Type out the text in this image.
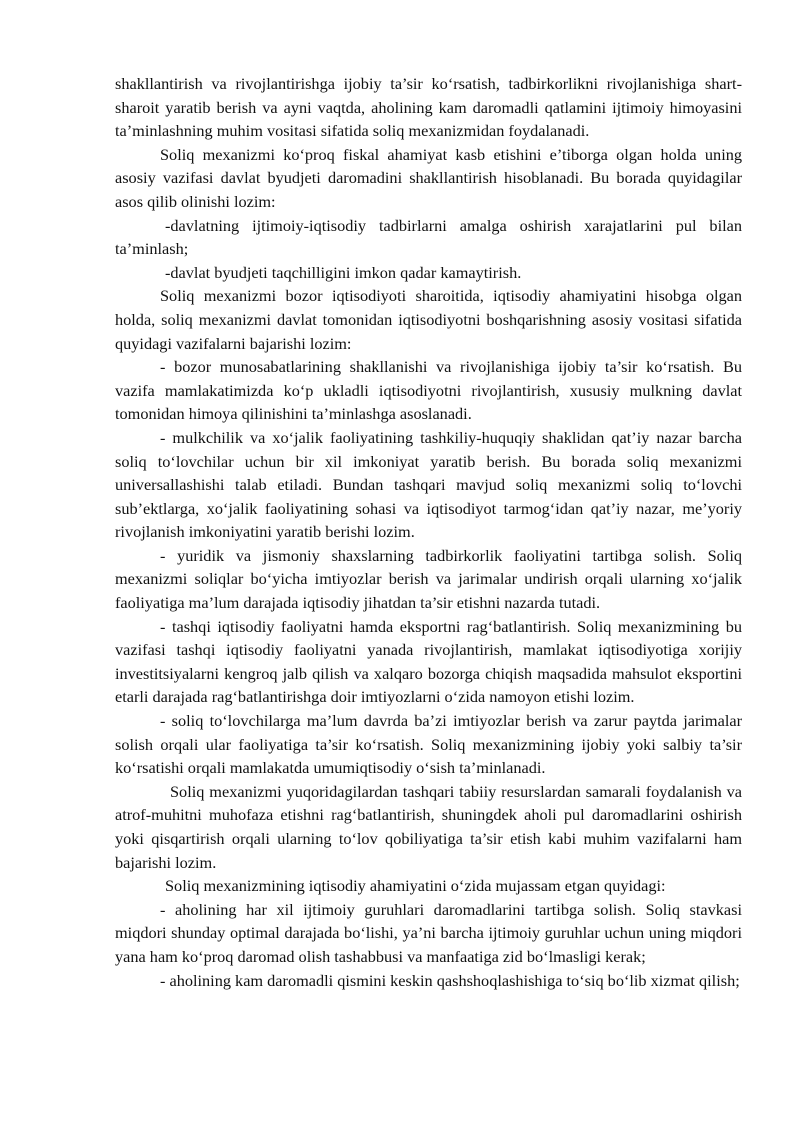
shakllantirish va rivojlantirishga ijobiy ta’sir ko‘rsatish, tadbirkorlikni rivojlanishiga shart-sharoit yaratib berish va ayni vaqtda, aholining kam daromadli qatlamini ijtimoiy himoyasini ta’minlashning muhim vositasi sifatida soliq mexanizmidan foydalanadi.

Soliq mexanizmi ko‘proq fiskal ahamiyat kasb etishini e’tiborga olgan holda uning asosiy vazifasi davlat byudjeti daromadini shakllantirish hisoblanadi. Bu borada quyidagilar asos qilib olinishi lozim:

-davlatning ijtimoiy-iqtisodiy tadbirlarni amalga oshirish xarajatlarini pul bilan ta’minlash;

-davlat byudjeti taqchilligini imkon qadar kamaytirish.

Soliq mexanizmi bozor iqtisodiyoti sharoitida, iqtisodiy ahamiyatini hisobga olgan holda, soliq mexanizmi davlat tomonidan iqtisodiyotni boshqarishning asosiy vositasi sifatida quyidagi vazifalarni bajarishi lozim:

- bozor munosabatlarining shakllanishi va rivojlanishiga ijobiy ta’sir ko‘rsatish. Bu vazifa mamlakatimizda ko‘p ukladli iqtisodiyotni rivojlantirish, xususiy mulkning davlat tomonidan himoya qilinishini ta’minlashga asoslanadi.

- mulkchilik va xo‘jalik faoliyatining tashkiliy-huquqiy shaklidan qat’iy nazar barcha soliq to‘lovchilar uchun bir xil imkoniyat yaratib berish. Bu borada soliq mexanizmi universallashishi talab etiladi. Bundan tashqari mavjud soliq mexanizmi soliq to‘lovchi sub’ektlarga, xo‘jalik faoliyatining sohasi va iqtisodiyot tarmog‘idan qat’iy nazar, me’yoriy rivojlanish imkoniyatini yaratib berishi lozim.

- yuridik va jismoniy shaxslarning tadbirkorlik faoliyatini tartibga solish. Soliq mexanizmi soliqlar bo‘yicha imtiyozlar berish va jarimalar undirish orqali ularning xo‘jalik faoliyatiga ma’lum darajada iqtisodiy jihatdan ta’sir etishni nazarda tutadi.

- tashqi iqtisodiy faoliyatni hamda eksportni rag‘batlantirish. Soliq mexanizmining bu vazifasi tashqi iqtisodiy faoliyatni yanada rivojlantirish, mamlakat iqtisodiyotiga xorijiy investitsiyalarni kengroq jalb qilish va xalqaro bozorga chiqish maqsadida mahsulot eksportini etarli darajada rag‘batlantirishga doir imtiyozlarni o‘zida namoyon etishi lozim.

- soliq to‘lovchilarga ma’lum davrda ba’zi imtiyozlar berish va zarur paytda jarimalar solish orqali ular faoliyatiga ta’sir ko‘rsatish. Soliq mexanizmining ijobiy yoki salbiy ta’sir ko‘rsatishi orqali mamlakatda umumiqtisodiy o‘sish ta’minlanadi.

Soliq mexanizmi yuqoridagilardan tashqari tabiiy resurslardan samarali foydalanish va atrof-muhitni muhofaza etishni rag‘batlantirish, shuningdek aholi pul daromadlarini oshirish yoki qisqartirish orqali ularning to‘lov qobiliyatiga ta’sir etish kabi muhim vazifalarni ham bajarishi lozim.

Soliq mexanizmining iqtisodiy ahamiyatini o‘zida mujassam etgan quyidagi:

- aholining har xil ijtimoiy guruhlari daromadlarini tartibga solish. Soliq stavkasi miqdori shunday optimal darajada bo‘lishi, ya’ni barcha ijtimoiy guruhlar uchun uning miqdori yana ham ko‘proq daromad olish tashabbusi va manfaatiga zid bo‘lmasligi kerak;

- aholining kam daromadli qismini keskin qashshoqlashishiga to‘siq bo‘lib xizmat qilish;
